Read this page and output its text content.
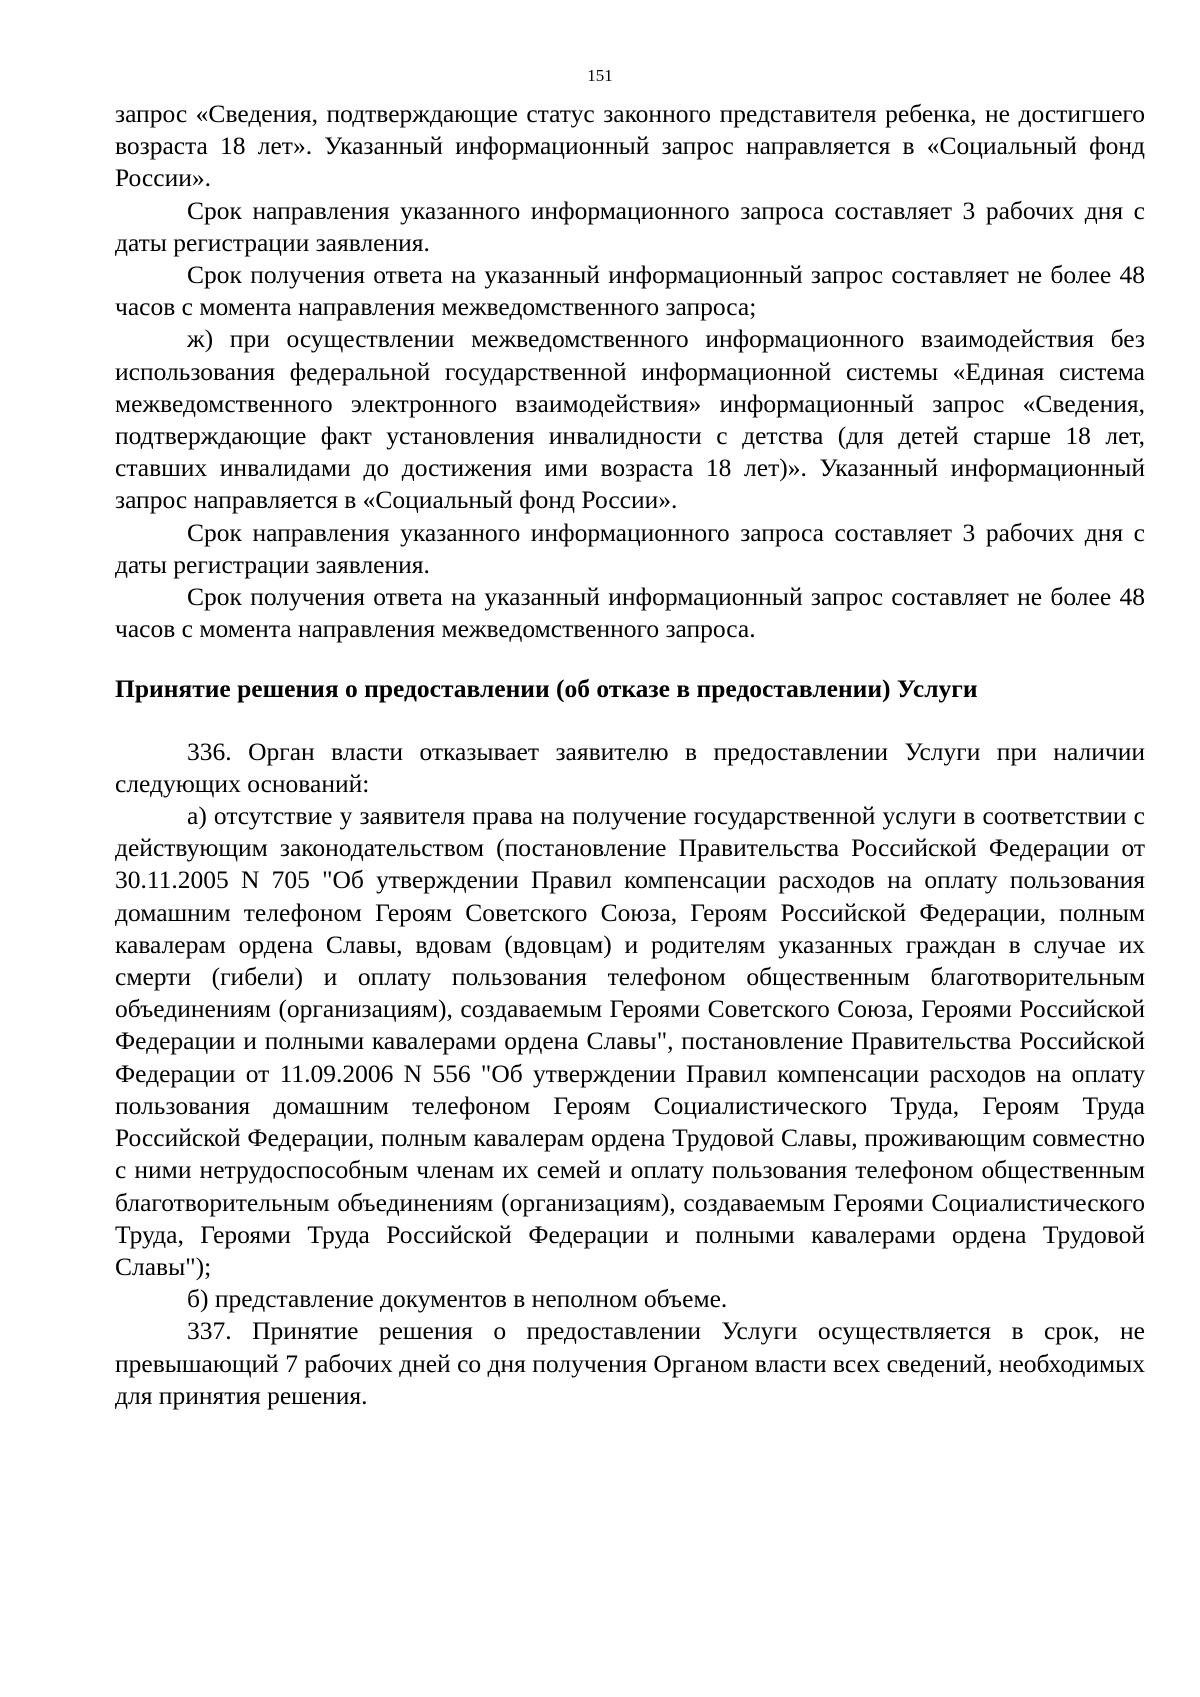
151

запрос «Сведения, подтверждающие статус законного представителя ребенка, не достигшего возраста 18 лет». Указанный информационный запрос направляется в «Социальный фонд России».

Срок направления указанного информационного запроса составляет 3 рабочих дня с даты регистрации заявления.

Срок получения ответа на указанный информационный запрос составляет не более 48 часов с момента направления межведомственного запроса;

ж) при осуществлении межведомственного информационного взаимодействия без использования федеральной государственной информационной системы «Единая система межведомственного электронного взаимодействия» информационный запрос «Сведения, подтверждающие факт установления инвалидности с детства (для детей старше 18 лет, ставших инвалидами до достижения ими возраста 18 лет)». Указанный информационный запрос направляется в «Социальный фонд России».

Срок направления указанного информационного запроса составляет 3 рабочих дня с даты регистрации заявления.

Срок получения ответа на указанный информационный запрос составляет не более 48 часов с момента направления межведомственного запроса.

Принятие решения о предоставлении (об отказе в предоставлении) Услуги

336. Орган власти отказывает заявителю в предоставлении Услуги при наличии следующих оснований:

а) отсутствие у заявителя права на получение государственной услуги в соответствии с действующим законодательством (постановление Правительства Российской Федерации от 30.11.2005 N 705 "Об утверждении Правил компенсации расходов на оплату пользования домашним телефоном Героям Советского Союза, Героям Российской Федерации, полным кавалерам ордена Славы, вдовам (вдовцам) и родителям указанных граждан в случае их смерти (гибели) и оплату пользования телефоном общественным благотворительным объединениям (организациям), создаваемым Героями Советского Союза, Героями Российской Федерации и полными кавалерами ордена Славы", постановление Правительства Российской Федерации от 11.09.2006 N 556 "Об утверждении Правил компенсации расходов на оплату пользования домашним телефоном Героям Социалистического Труда, Героям Труда Российской Федерации, полным кавалерам ордена Трудовой Славы, проживающим совместно с ними нетрудоспособным членам их семей и оплату пользования телефоном общественным благотворительным объединениям (организациям), создаваемым Героями Социалистического Труда, Героями Труда Российской Федерации и полными кавалерами ордена Трудовой Славы");

б) представление документов в неполном объеме.

337. Принятие решения о предоставлении Услуги осуществляется в срок, не превышающий 7 рабочих дней со дня получения Органом власти всех сведений, необходимых для принятия решения.
